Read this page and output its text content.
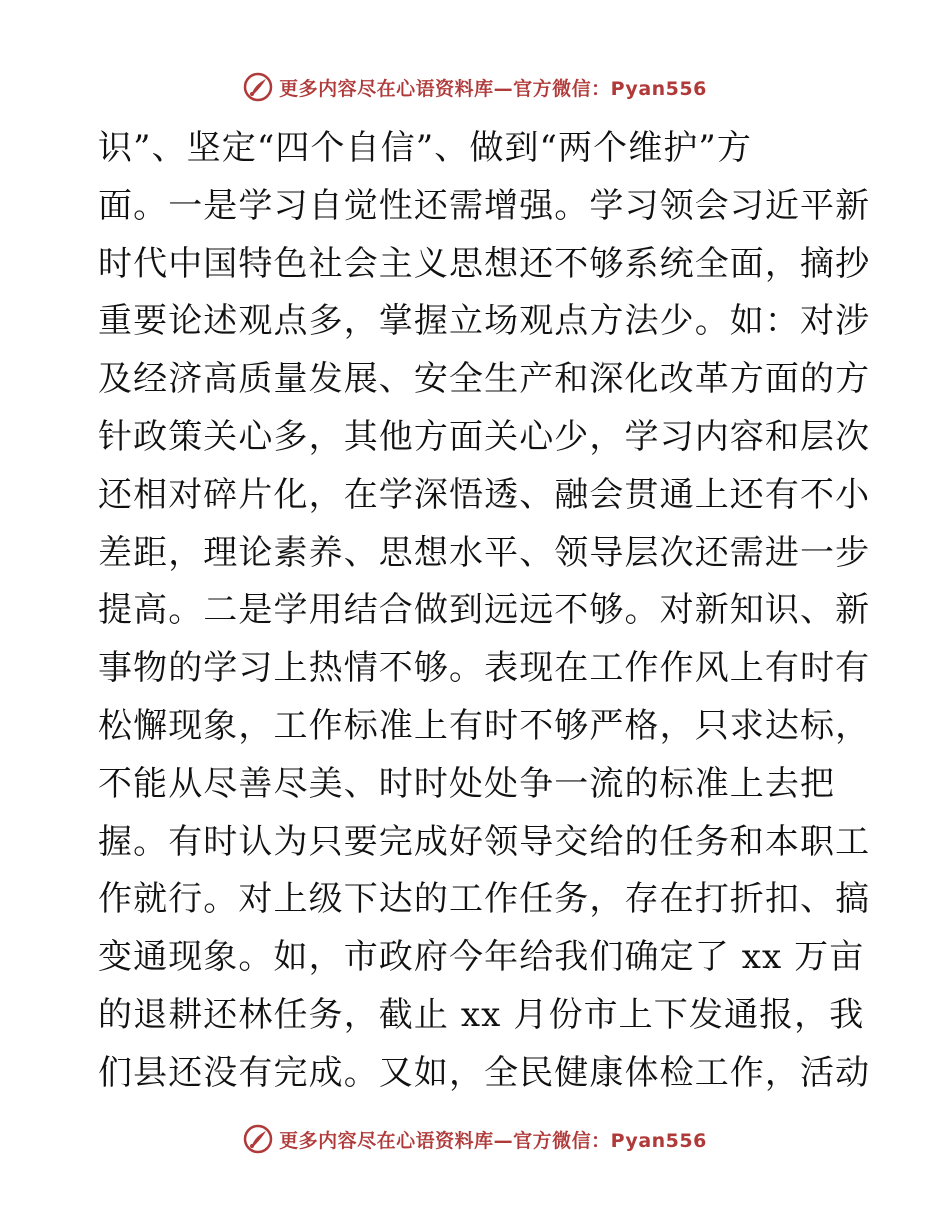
更多内容尽在心语资料库—官方微信：Pyan556
识”、坚定“四个自信”、做到“两个维护”方
面。一是学习自觉性还需增强。学习领会习近平新
时代中国特色社会主义思想还不够系统全面，摘抄
重要论述观点多，掌握立场观点方法少。如：对涉
及经济高质量发展、安全生产和深化改革方面的方
针政策关心多，其他方面关心少，学习内容和层次
还相对碎片化，在学深悟透、融会贯通上还有不小
差距，理论素养、思想水平、领导层次还需进一步
提高。二是学用结合做到远远不够。对新知识、新
事物的学习上热情不够。表现在工作作风上有时有
松懈现象，工作标准上有时不够严格，只求达标，
不能从尽善尽美、时时处处争一流的标准上去把
握。有时认为只要完成好领导交给的任务和本职工
作就行。对上级下达的工作任务，存在打折扣、搞
变通现象。如，市政府今年给我们确定了 xx 万亩
的退耕还林任务，截止 xx 月份市上下发通报，我
们县还没有完成。又如，全民健康体检工作，活动
更多内容尽在心语资料库—官方微信：Pyan556
